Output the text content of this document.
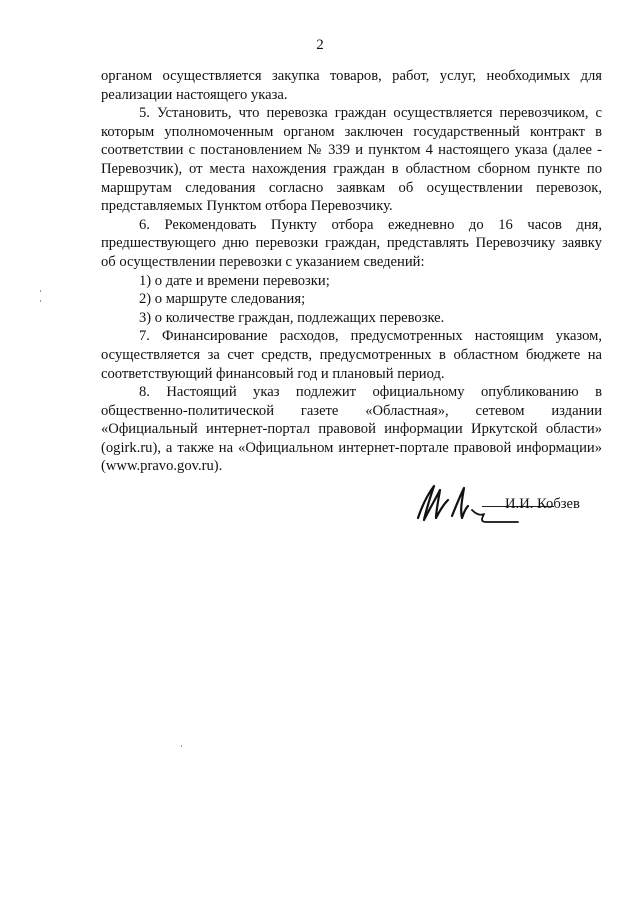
2

органом осуществляется закупка товаров, работ, услуг, необходимых для реализации настоящего указа.

5. Установить, что перевозка граждан осуществляется перевозчиком, с которым уполномоченным органом заключен государственный контракт в соответствии с постановлением № 339 и пунктом 4 настоящего указа (далее - Перевозчик), от места нахождения граждан в областном сборном пункте по маршрутам следования согласно заявкам об осуществлении перевозок, представляемых Пунктом отбора Перевозчику.

6. Рекомендовать Пункту отбора ежедневно до 16 часов дня, предшествующего дню перевозки граждан, представлять Перевозчику заявку об осуществлении перевозки с указанием сведений:

1) о дате и времени перевозки;

2) о маршруте следования;

3) о количестве граждан, подлежащих перевозке.

7. Финансирование расходов, предусмотренных настоящим указом, осуществляется за счет средств, предусмотренных в областном бюджете на соответствующий финансовый год и плановый период.

8. Настоящий указ подлежит официальному опубликованию в общественно-политической газете «Областная», сетевом издании «Официальный интернет-портал правовой информации Иркутской области» (ogirk.ru), а также на «Официальном интернет-портале правовой информации» (www.pravo.gov.ru).

И.И. Кобзев
